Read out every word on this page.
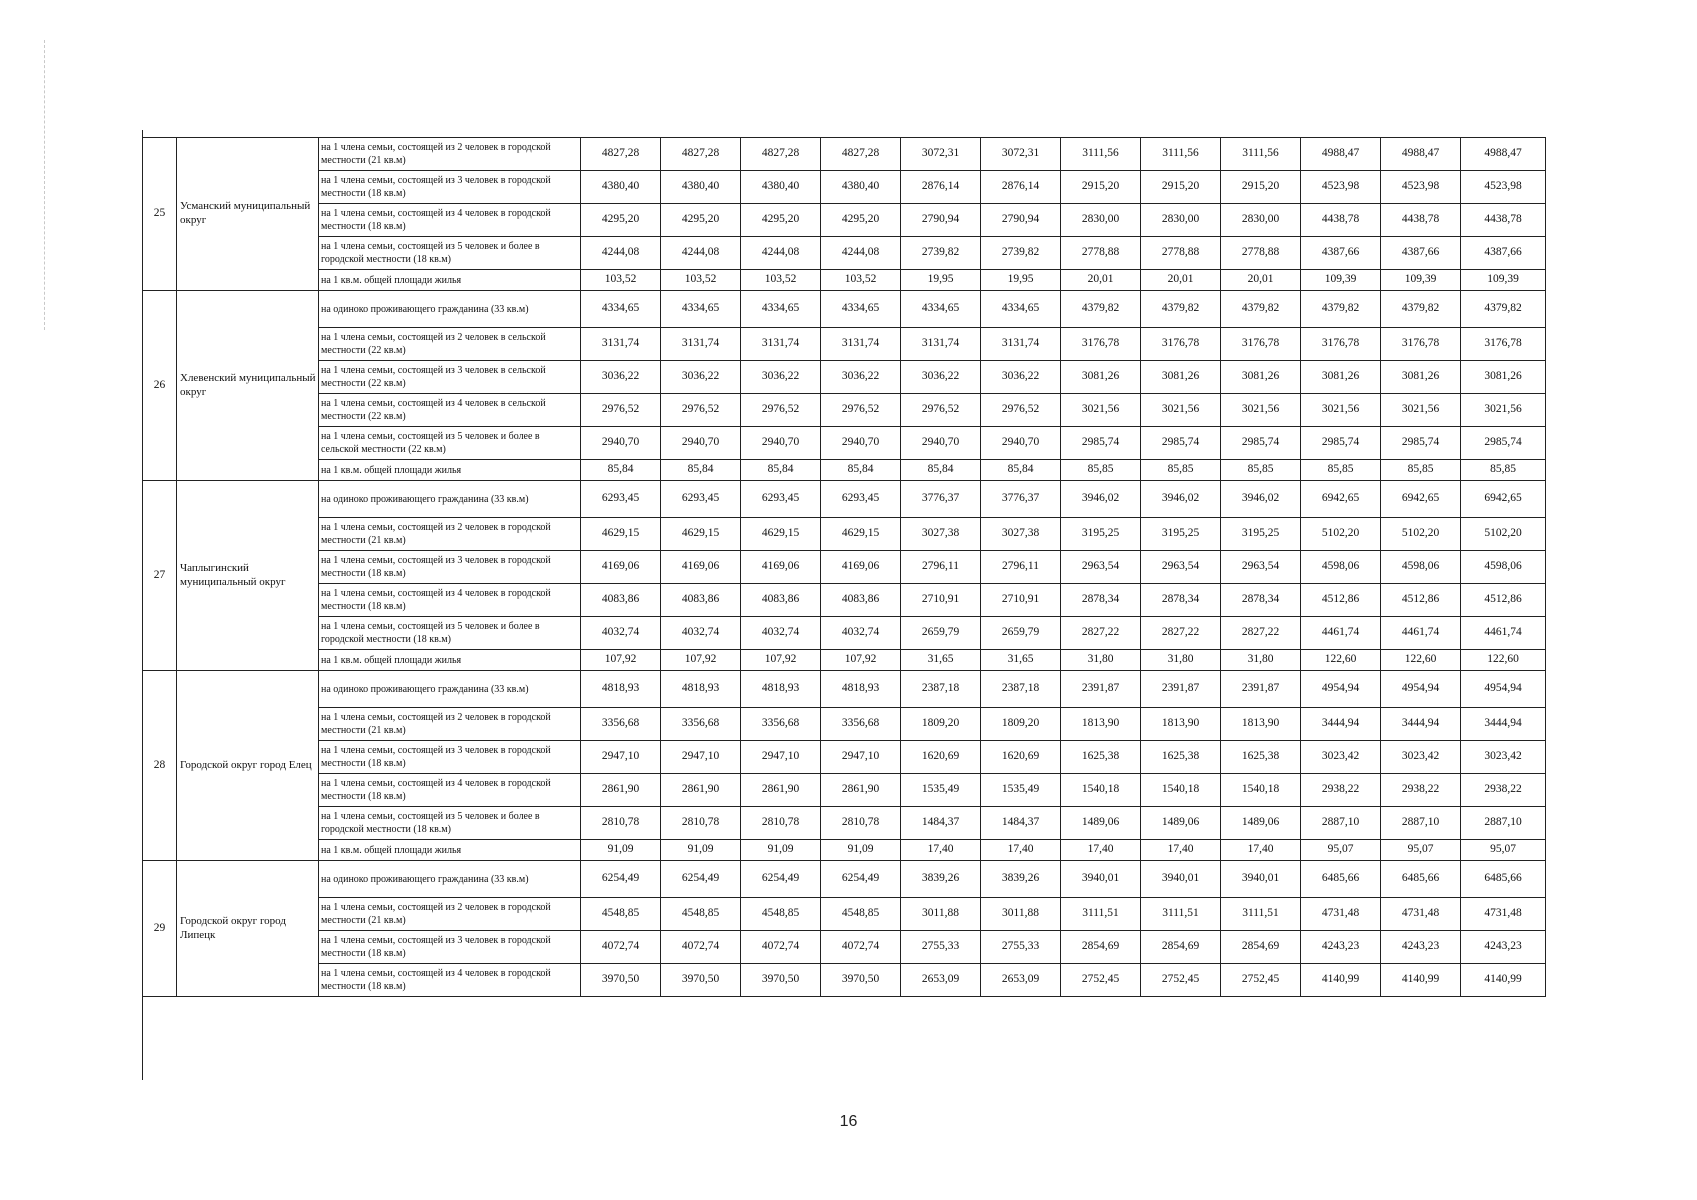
25	Усманский муниципальный округ	на 1 члена семьи, состоящей из 2 человек в городской местности (21 кв.м)	4827,28	4827,28	4827,28	4827,28	3072,31	3072,31	3111,56	3111,56	3111,56	4988,47	4988,47	4988,47
		на 1 члена семьи, состоящей из 3 человек в городской местности (18 кв.м)	4380,40	4380,40	4380,40	4380,40	2876,14	2876,14	2915,20	2915,20	2915,20	4523,98	4523,98	4523,98
		на 1 члена семьи, состоящей из 4 человек в городской местности (18 кв.м)	4295,20	4295,20	4295,20	4295,20	2790,94	2790,94	2830,00	2830,00	2830,00	4438,78	4438,78	4438,78
		на 1 члена семьи, состоящей из 5 человек и более в городской местности (18 кв.м)	4244,08	4244,08	4244,08	4244,08	2739,82	2739,82	2778,88	2778,88	2778,88	4387,66	4387,66	4387,66
		на 1 кв.м. общей площади жилья	103,52	103,52	103,52	103,52	19,95	19,95	20,01	20,01	20,01	109,39	109,39	109,39
26	Хлевенский муниципальный округ	на одиноко проживающего гражданина (33 кв.м)	4334,65	4334,65	4334,65	4334,65	4334,65	4334,65	4379,82	4379,82	4379,82	4379,82	4379,82	4379,82
		на 1 члена семьи, состоящей из 2 человек в сельской местности (22 кв.м)	3131,74	3131,74	3131,74	3131,74	3131,74	3131,74	3176,78	3176,78	3176,78	3176,78	3176,78	3176,78
		на 1 члена семьи, состоящей из 3 человек в сельской местности (22 кв.м)	3036,22	3036,22	3036,22	3036,22	3036,22	3036,22	3081,26	3081,26	3081,26	3081,26	3081,26	3081,26
		на 1 члена семьи, состоящей из 4 человек в сельской местности (22 кв.м)	2976,52	2976,52	2976,52	2976,52	2976,52	2976,52	3021,56	3021,56	3021,56	3021,56	3021,56	3021,56
		на 1 члена семьи, состоящей из 5 человек и более в сельской местности (22 кв.м)	2940,70	2940,70	2940,70	2940,70	2940,70	2940,70	2985,74	2985,74	2985,74	2985,74	2985,74	2985,74
		на 1 кв.м. общей площади жилья	85,84	85,84	85,84	85,84	85,84	85,84	85,85	85,85	85,85	85,85	85,85	85,85
27	Чаплыгинский муниципальный округ	на одиноко проживающего гражданина (33 кв.м)	6293,45	6293,45	6293,45	6293,45	3776,37	3776,37	3946,02	3946,02	3946,02	6942,65	6942,65	6942,65
		на 1 члена семьи, состоящей из 2 человек в городской местности (21 кв.м)	4629,15	4629,15	4629,15	4629,15	3027,38	3027,38	3195,25	3195,25	3195,25	5102,20	5102,20	5102,20
		на 1 члена семьи, состоящей из 3 человек в городской местности (18 кв.м)	4169,06	4169,06	4169,06	4169,06	2796,11	2796,11	2963,54	2963,54	2963,54	4598,06	4598,06	4598,06
		на 1 члена семьи, состоящей из 4 человек в городской местности (18 кв.м)	4083,86	4083,86	4083,86	4083,86	2710,91	2710,91	2878,34	2878,34	2878,34	4512,86	4512,86	4512,86
		на 1 члена семьи, состоящей из 5 человек и более в городской местности (18 кв.м)	4032,74	4032,74	4032,74	4032,74	2659,79	2659,79	2827,22	2827,22	2827,22	4461,74	4461,74	4461,74
		на 1 кв.м. общей площади жилья	107,92	107,92	107,92	107,92	31,65	31,65	31,80	31,80	31,80	122,60	122,60	122,60
28	Городской округ город Елец	на одиноко проживающего гражданина (33 кв.м)	4818,93	4818,93	4818,93	4818,93	2387,18	2387,18	2391,87	2391,87	2391,87	4954,94	4954,94	4954,94
		на 1 члена семьи, состоящей из 2 человек в городской местности (21 кв.м)	3356,68	3356,68	3356,68	3356,68	1809,20	1809,20	1813,90	1813,90	1813,90	3444,94	3444,94	3444,94
		на 1 члена семьи, состоящей из 3 человек в городской местности (18 кв.м)	2947,10	2947,10	2947,10	2947,10	1620,69	1620,69	1625,38	1625,38	1625,38	3023,42	3023,42	3023,42
		на 1 члена семьи, состоящей из 4 человек в городской местности (18 кв.м)	2861,90	2861,90	2861,90	2861,90	1535,49	1535,49	1540,18	1540,18	1540,18	2938,22	2938,22	2938,22
		на 1 члена семьи, состоящей из 5 человек и более в городской местности (18 кв.м)	2810,78	2810,78	2810,78	2810,78	1484,37	1484,37	1489,06	1489,06	1489,06	2887,10	2887,10	2887,10
		на 1 кв.м. общей площади жилья	91,09	91,09	91,09	91,09	17,40	17,40	17,40	17,40	17,40	95,07	95,07	95,07
29	Городской округ город Липецк	на одиноко проживающего гражданина (33 кв.м)	6254,49	6254,49	6254,49	6254,49	3839,26	3839,26	3940,01	3940,01	3940,01	6485,66	6485,66	6485,66
		на 1 члена семьи, состоящей из 2 человек в городской местности (21 кв.м)	4548,85	4548,85	4548,85	4548,85	3011,88	3011,88	3111,51	3111,51	3111,51	4731,48	4731,48	4731,48
		на 1 члена семьи, состоящей из 3 человек в городской местности (18 кв.м)	4072,74	4072,74	4072,74	4072,74	2755,33	2755,33	2854,69	2854,69	2854,69	4243,23	4243,23	4243,23
		на 1 члена семьи, состоящей из 4 человек в городской местности (18 кв.м)	3970,50	3970,50	3970,50	3970,50	2653,09	2653,09	2752,45	2752,45	2752,45	4140,99	4140,99	4140,99
16
